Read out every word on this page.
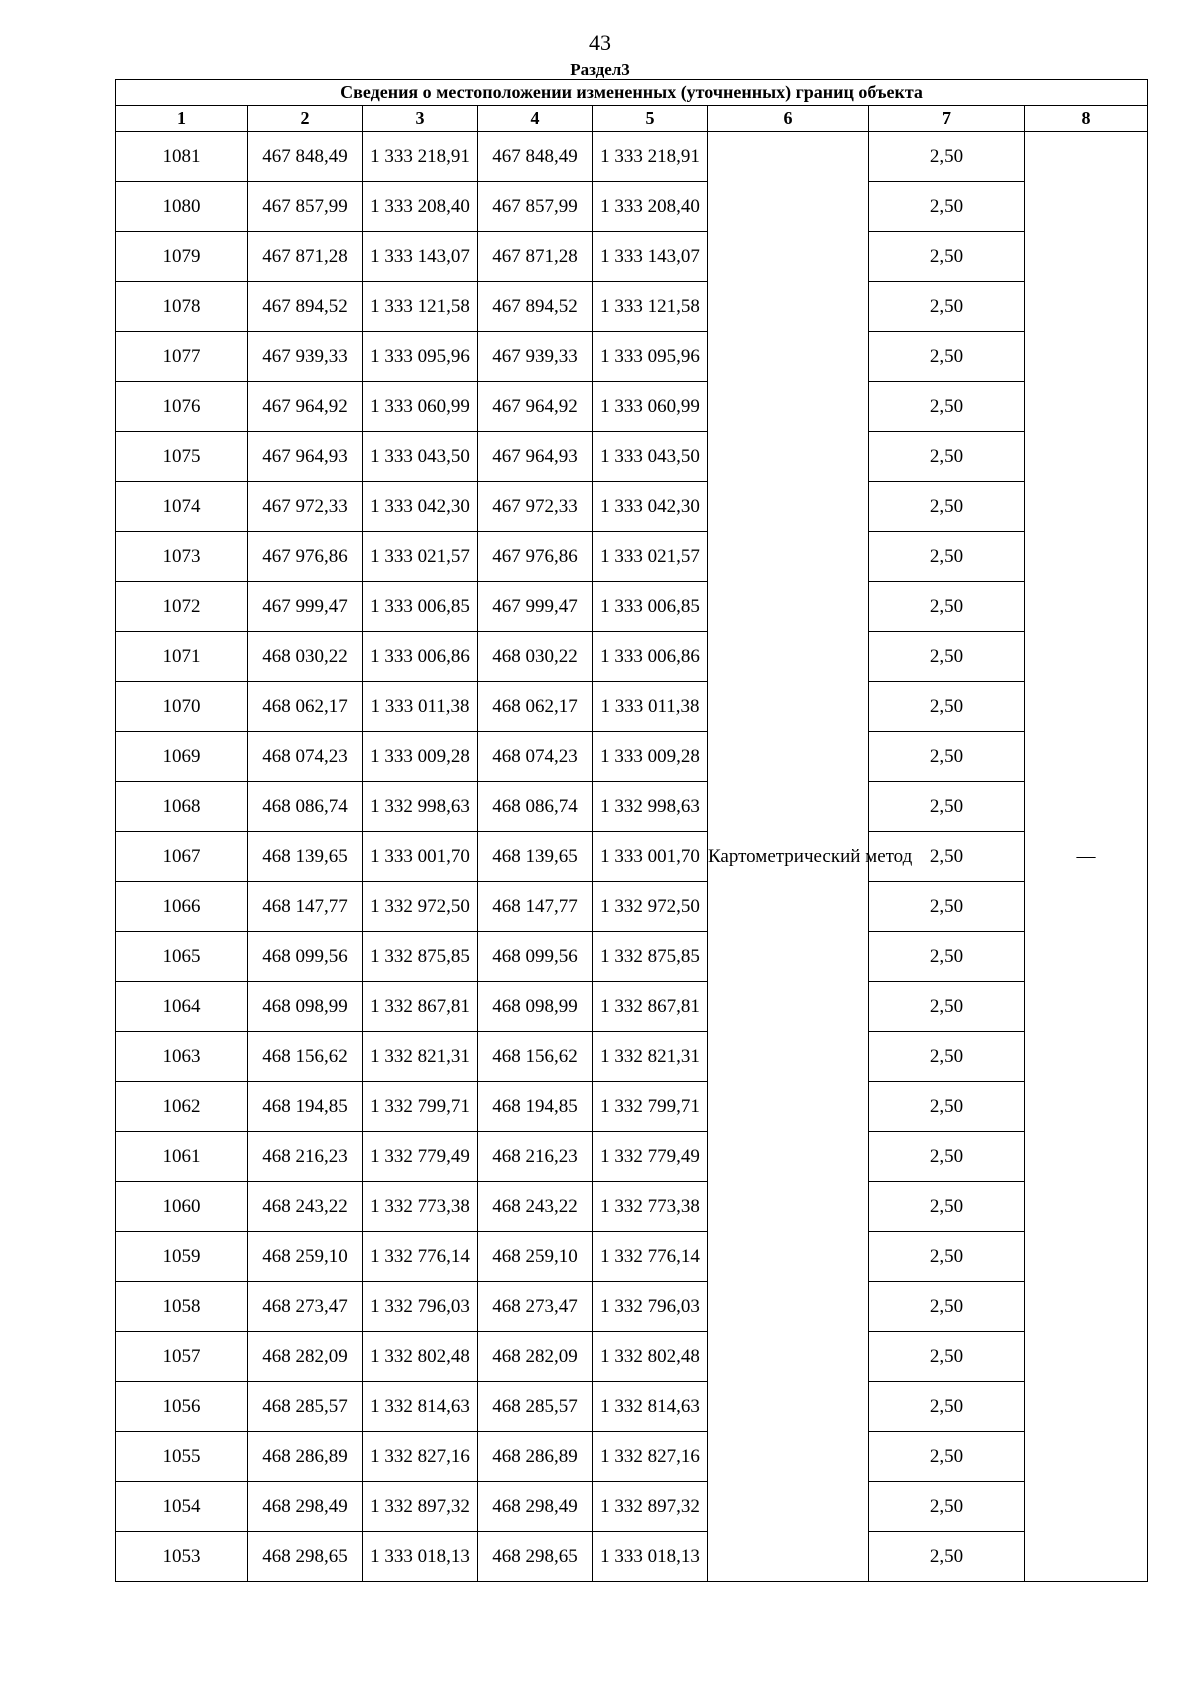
43
Раздел3
Сведения о местоположении измененных (уточненных) границ объекта							
1	2	3	4	5	6	7	8
1081	467 848,49	1 333 218,91	467 848,49	1 333 218,91	Картометрический метод	2,50	—
1080	467 857,99	1 333 208,40	467 857,99	1 333 208,40		2,50	
1079	467 871,28	1 333 143,07	467 871,28	1 333 143,07		2,50	
1078	467 894,52	1 333 121,58	467 894,52	1 333 121,58		2,50	
1077	467 939,33	1 333 095,96	467 939,33	1 333 095,96		2,50	
1076	467 964,92	1 333 060,99	467 964,92	1 333 060,99		2,50	
1075	467 964,93	1 333 043,50	467 964,93	1 333 043,50		2,50	
1074	467 972,33	1 333 042,30	467 972,33	1 333 042,30		2,50	
1073	467 976,86	1 333 021,57	467 976,86	1 333 021,57		2,50	
1072	467 999,47	1 333 006,85	467 999,47	1 333 006,85		2,50	
1071	468 030,22	1 333 006,86	468 030,22	1 333 006,86		2,50	
1070	468 062,17	1 333 011,38	468 062,17	1 333 011,38		2,50	
1069	468 074,23	1 333 009,28	468 074,23	1 333 009,28		2,50	
1068	468 086,74	1 332 998,63	468 086,74	1 332 998,63		2,50	
1067	468 139,65	1 333 001,70	468 139,65	1 333 001,70		2,50	
1066	468 147,77	1 332 972,50	468 147,77	1 332 972,50		2,50	
1065	468 099,56	1 332 875,85	468 099,56	1 332 875,85		2,50	
1064	468 098,99	1 332 867,81	468 098,99	1 332 867,81		2,50	
1063	468 156,62	1 332 821,31	468 156,62	1 332 821,31		2,50	
1062	468 194,85	1 332 799,71	468 194,85	1 332 799,71		2,50	
1061	468 216,23	1 332 779,49	468 216,23	1 332 779,49		2,50	
1060	468 243,22	1 332 773,38	468 243,22	1 332 773,38		2,50	
1059	468 259,10	1 332 776,14	468 259,10	1 332 776,14		2,50	
1058	468 273,47	1 332 796,03	468 273,47	1 332 796,03		2,50	
1057	468 282,09	1 332 802,48	468 282,09	1 332 802,48		2,50	
1056	468 285,57	1 332 814,63	468 285,57	1 332 814,63		2,50	
1055	468 286,89	1 332 827,16	468 286,89	1 332 827,16		2,50	
1054	468 298,49	1 332 897,32	468 298,49	1 332 897,32		2,50	
1053	468 298,65	1 333 018,13	468 298,65	1 333 018,13		2,50	
